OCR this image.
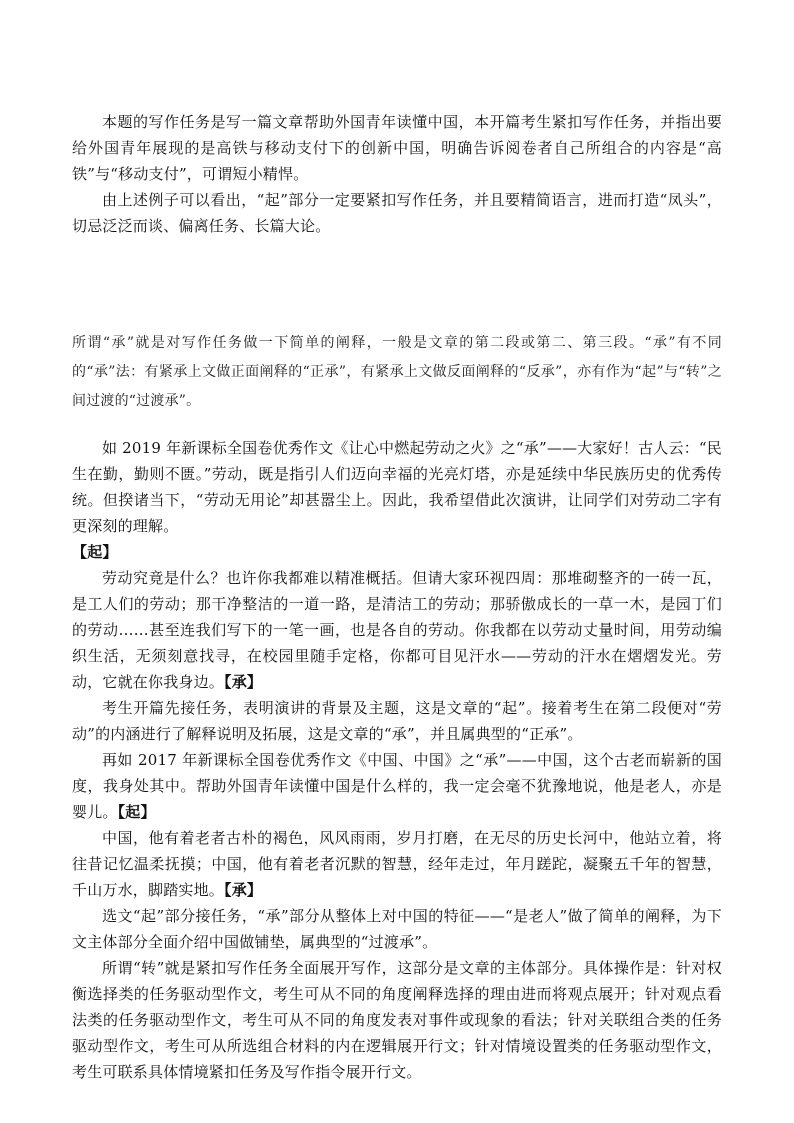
本题的写作任务是写一篇文章帮助外国青年读懂中国，本开篇考生紧扣写作任务，并指出要给外国青年展现的是高铁与移动支付下的创新中国，明确告诉阅卷者自己所组合的内容是“高铁”与“移动支付”，可谓短小精悍。

由上述例子可以看出，“起”部分一定要紧扣写作任务，并且要精简语言，进而打造“凤头”，切忌泛泛而谈、偏离任务、长篇大论。

所谓“承”就是对写作任务做一下简单的阐释，一般是文章的第二段或第二、第三段。“承”有不同的“承”法：有紧承上文做正面阐释的“正承”，有紧承上文做反面阐释的“反承”，亦有作为“起”与“转”之间过渡的“过渡承”。

如 2019 年新课标全国卷优秀作文《让心中燃起劳动之火》之“承”——大家好！古人云：“民生在勤，勤则不匮。”劳动，既是指引人们迈向幸福的光亮灯塔，亦是延续中华民族历史的优秀传统。但揆诸当下，“劳动无用论”却甚嚣尘上。因此，我希望借此次演讲，让同学们对劳动二字有更深刻的理解。
【起】

劳动究竟是什么？也许你我都难以精准概括。但请大家环视四周：那堆砌整齐的一砖一瓦，是工人们的劳动；那干净整洁的一道一路，是清洁工的劳动；那骄傲成长的一草一木，是园丁们的劳动……甚至连我们写下的一笔一画，也是各自的劳动。你我都在以劳动丈量时间，用劳动编织生活，无须刻意找寻，在校园里随手定格，你都可目见汗水——劳动的汗水在熠熠发光。劳动，它就在你我身边。【承】

考生开篇先接任务，表明演讲的背景及主题，这是文章的“起”。接着考生在第二段便对“劳动”的内涵进行了解释说明及拓展，这是文章的“承”，并且属典型的“正承”。

再如 2017 年新课标全国卷优秀作文《中国、中国》之“承”——中国，这个古老而崭新的国度，我身处其中。帮助外国青年读懂中国是什么样的，我一定会毫不犹豫地说，他是老人，亦是婴儿。【起】

中国，他有着老者古朴的褐色，风风雨雨，岁月打磨，在无尽的历史长河中，他站立着，将往昔记忆温柔抚摸；中国，他有着老者沉默的智慧，经年走过，年月蹉跎，凝聚五千年的智慧，千山万水，脚踏实地。【承】

选文“起”部分接任务，“承”部分从整体上对中国的特征——“是老人”做了简单的阐释，为下文主体部分全面介绍中国做铺垫，属典型的“过渡承”。

所谓“转”就是紧扣写作任务全面展开写作，这部分是文章的主体部分。具体操作是：针对权衡选择类的任务驱动型作文，考生可从不同的角度阐释选择的理由进而将观点展开；针对观点看法类的任务驱动型作文，考生可从不同的角度发表对事件或现象的看法；针对关联组合类的任务驱动型作文，考生可从所选组合材料的内在逻辑展开行文；针对情境设置类的任务驱动型作文，考生可联系具体情境紧扣任务及写作指令展开行文。
